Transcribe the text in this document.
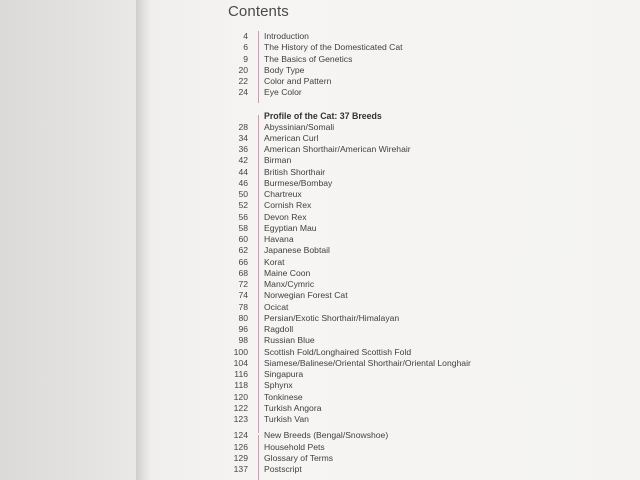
Contents
4 Introduction
6 The History of the Domesticated Cat
9 The Basics of Genetics
20 Body Type
22 Color and Pattern
24 Eye Color
Profile of the Cat: 37 Breeds
28 Abyssinian/Somali
34 American Curl
36 American Shorthair/American Wirehair
42 Birman
44 British Shorthair
46 Burmese/Bombay
50 Chartreux
52 Cornish Rex
56 Devon Rex
58 Egyptian Mau
60 Havana
62 Japanese Bobtail
66 Korat
68 Maine Coon
72 Manx/Cymric
74 Norwegian Forest Cat
78 Ocicat
80 Persian/Exotic Shorthair/Himalayan
96 Ragdoll
98 Russian Blue
100 Scottish Fold/Longhaired Scottish Fold
104 Siamese/Balinese/Oriental Shorthair/Oriental Longhair
116 Singapura
118 Sphynx
120 Tonkinese
122 Turkish Angora
123 Turkish Van
124 New Breeds (Bengal/Snowshoe)
126 Household Pets
129 Glossary of Terms
137 Postscript
